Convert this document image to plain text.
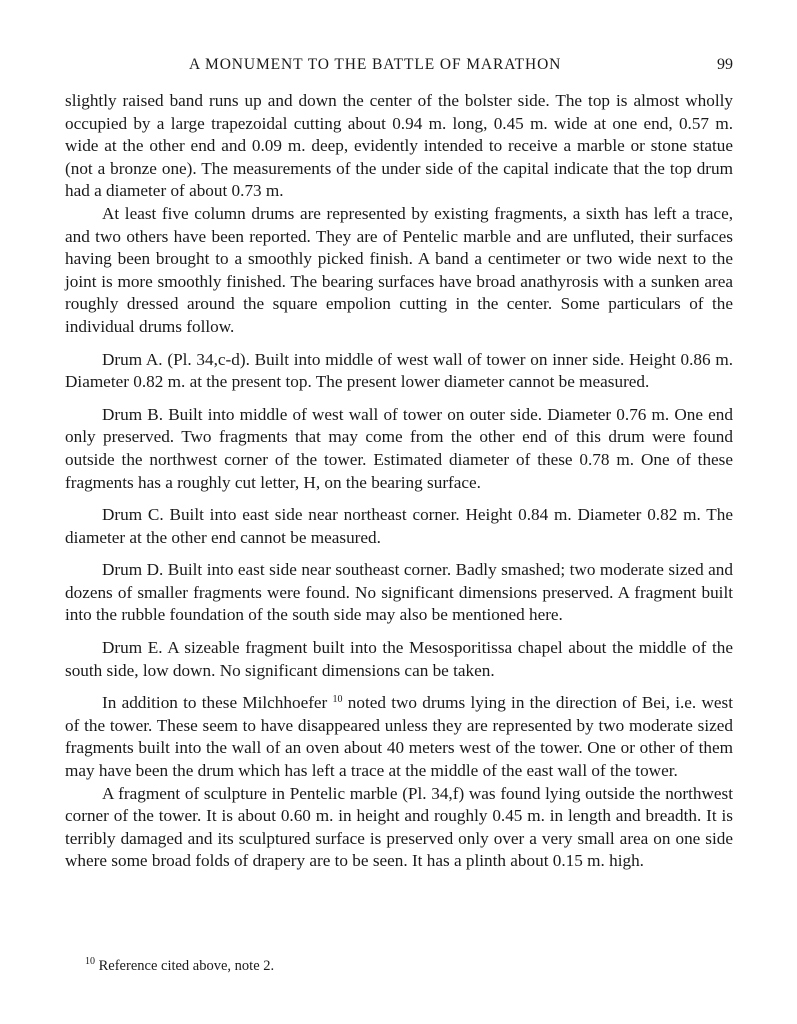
A MONUMENT TO THE BATTLE OF MARATHON	99

slightly raised band runs up and down the center of the bolster side. The top is almost wholly occupied by a large trapezoidal cutting about 0.94 m. long, 0.45 m. wide at one end, 0.57 m. wide at the other end and 0.09 m. deep, evidently intended to receive a marble or stone statue (not a bronze one). The measurements of the under side of the capital indicate that the top drum had a diameter of about 0.73 m.

At least five column drums are represented by existing fragments, a sixth has left a trace, and two others have been reported. They are of Pentelic marble and are unfluted, their surfaces having been brought to a smoothly picked finish. A band a centimeter or two wide next to the joint is more smoothly finished. The bearing surfaces have broad anathyrosis with a sunken area roughly dressed around the square empolion cutting in the center. Some particulars of the individual drums follow.

Drum A. (Pl. 34,c-d). Built into middle of west wall of tower on inner side. Height 0.86 m. Diameter 0.82 m. at the present top. The present lower diameter cannot be measured.

Drum B. Built into middle of west wall of tower on outer side. Diameter 0.76 m. One end only preserved. Two fragments that may come from the other end of this drum were found outside the northwest corner of the tower. Estimated diameter of these 0.78 m. One of these fragments has a roughly cut letter, H, on the bearing surface.

Drum C. Built into east side near northeast corner. Height 0.84 m. Diameter 0.82 m. The diameter at the other end cannot be measured.

Drum D. Built into east side near southeast corner. Badly smashed; two moderate sized and dozens of smaller fragments were found. No significant dimensions preserved. A fragment built into the rubble foundation of the south side may also be mentioned here.

Drum E. A sizeable fragment built into the Mesosporitissa chapel about the middle of the south side, low down. No significant dimensions can be taken.

In addition to these Milchhoefer $^{10}$ noted two drums lying in the direction of Bei, i.e. west of the tower. These seem to have disappeared unless they are represented by two moderate sized fragments built into the wall of an oven about 40 meters west of the tower. One or other of them may have been the drum which has left a trace at the middle of the east wall of the tower.

A fragment of sculpture in Pentelic marble (Pl. 34,f) was found lying outside the northwest corner of the tower. It is about 0.60 m. in height and roughly 0.45 m. in length and breadth. It is terribly damaged and its sculptured surface is preserved only over a very small area on one side where some broad folds of drapery are to be seen. It has a plinth about 0.15 m. high.

$^{10}$ Reference cited above, note 2.
